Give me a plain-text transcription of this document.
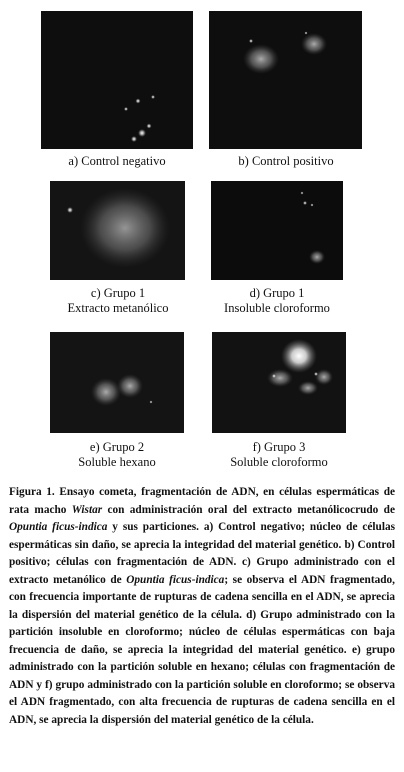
a) Control negativo	b) Control positivo
c) Grupo 1
Extracto metanólico
d) Grupo 1
Insoluble cloroformo
e) Grupo 2
Soluble hexano
f) Grupo 3
Soluble cloroformo
Figura 1. Ensayo cometa, fragmentación de ADN, en células espermáticas de rata macho Wistar con administración oral del extracto metanólicocrudo de Opuntia ficus-indica y sus particiones. a) Control negativo; núcleo de células espermáticas sin daño, se aprecia la integridad del material genético. b) Control positivo; células con fragmentación de ADN. c) Grupo administrado con el extracto metanólico de Opuntia ficus-indica; se observa el ADN fragmentado, con frecuencia importante de rupturas de cadena sencilla en el ADN, se aprecia la dispersión del material genético de la célula. d) Grupo administrado con la partición insoluble en cloroformo; núcleo de células espermáticas con baja frecuencia de daño, se aprecia la integridad del material genético. e) grupo administrado con la partición soluble en hexano; células con fragmentación de ADN y f) grupo administrado con la partición soluble en cloroformo; se observa el ADN fragmentado, con alta frecuencia de rupturas de cadena sencilla en el ADN, se aprecia la dispersión del material genético de la célula.
